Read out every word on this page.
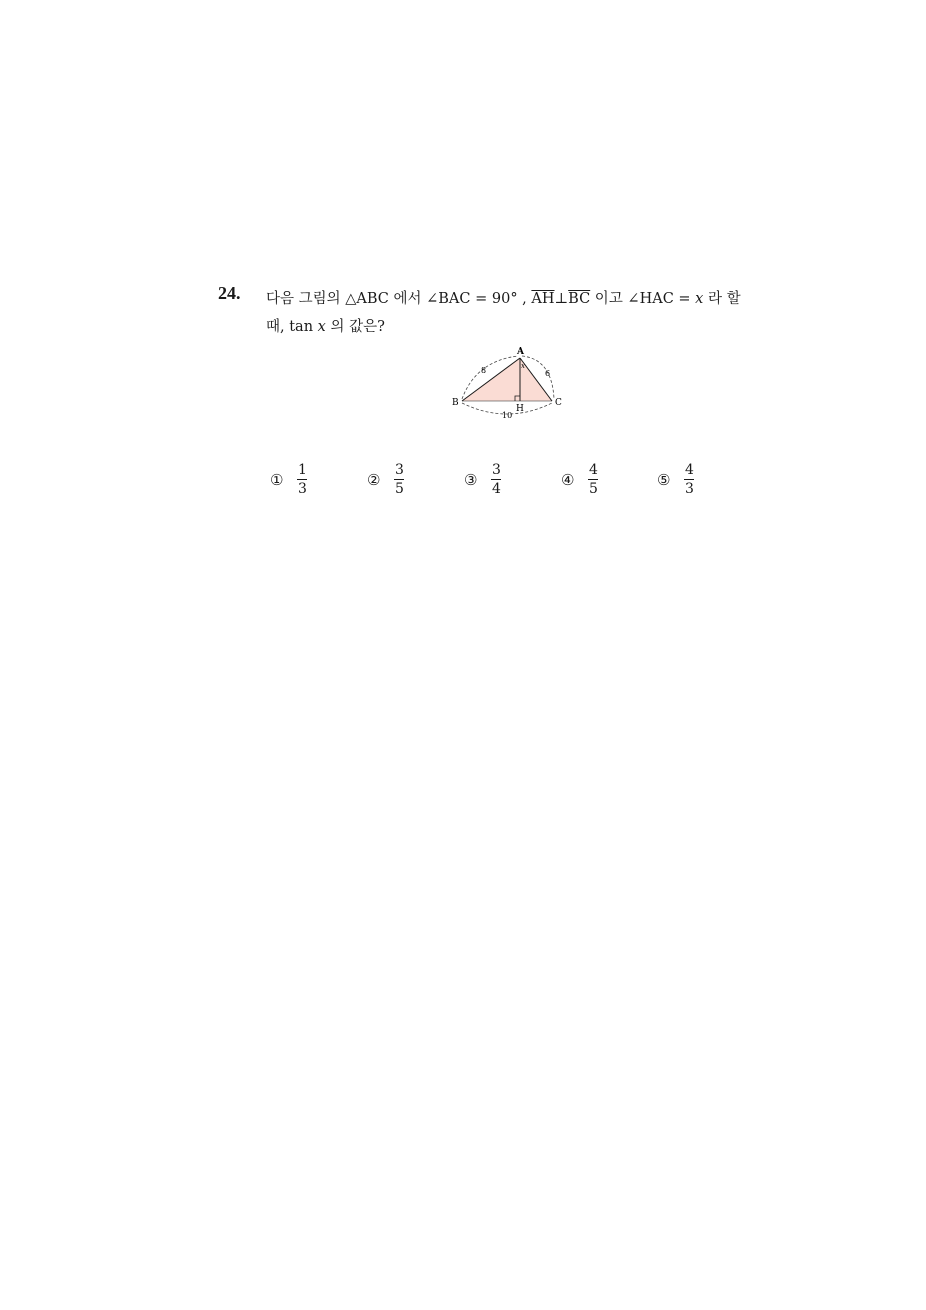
24. 다음 그림의 △ABC 에서 ∠BAC = 90° , $\overline{AH}\perp\overline{BC}$ 이고 ∠HAC = x 라 할
때, tan x 의 값은?
A
B	C
H
x
8	6
10
① $\frac{1}{3}$	② $\frac{3}{5}$	③ $\frac{3}{4}$	④ $\frac{4}{5}$	⑤ $\frac{4}{3}$
